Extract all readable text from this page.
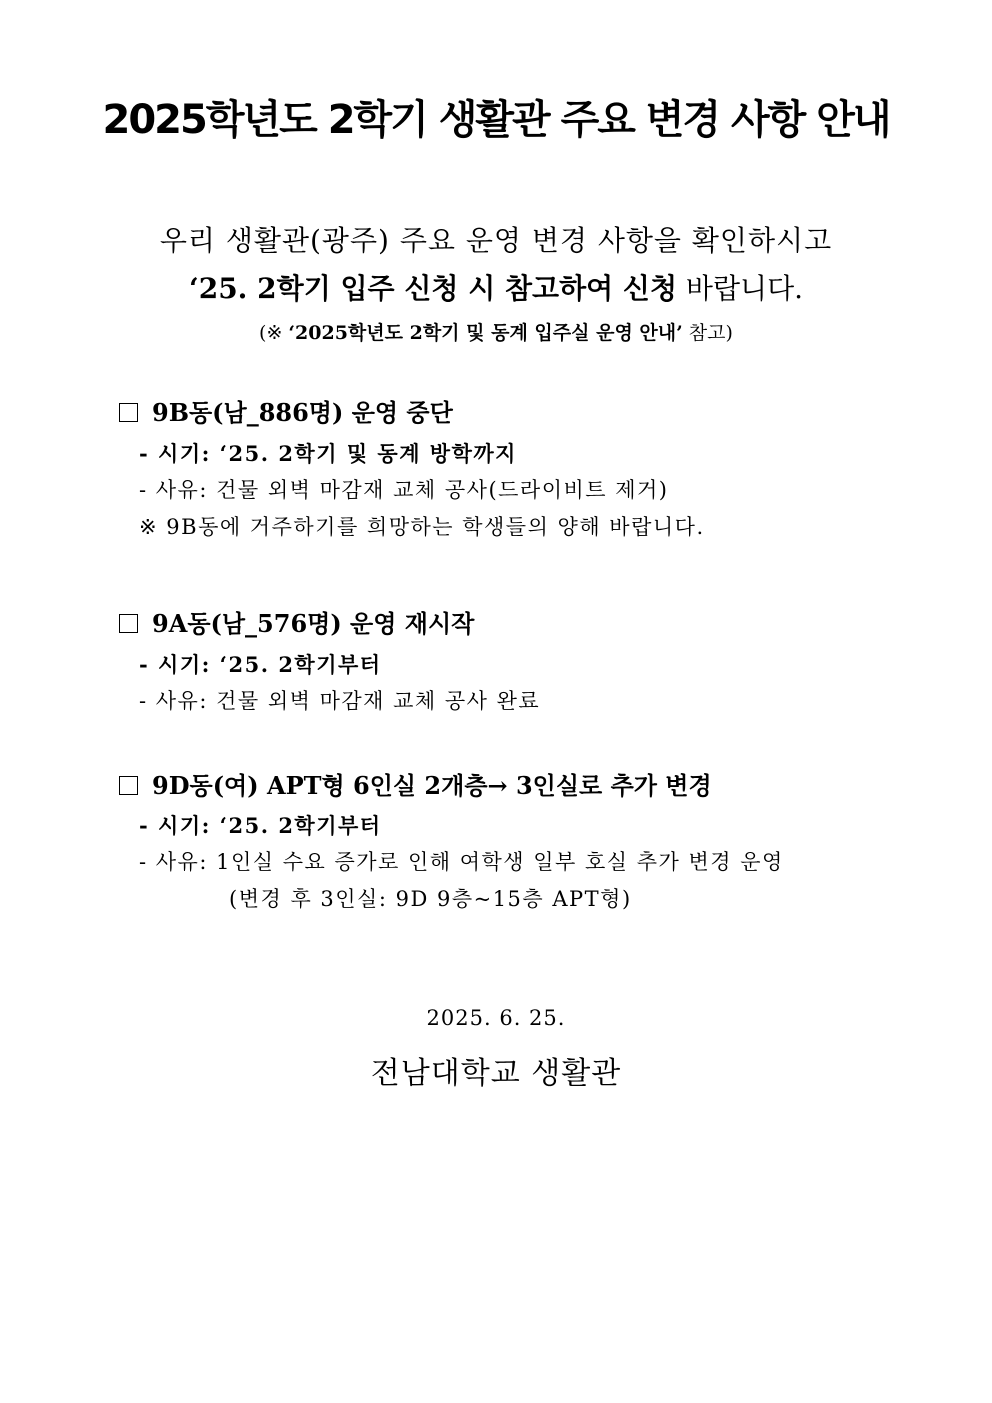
2025학년도 2학기 생활관 주요 변경 사항 안내
우리 생활관(광주) 주요 운영 변경 사항을 확인하시고
‘25. 2학기 입주 신청 시 참고하여 신청 바랍니다.
(※ ‘2025학년도 2학기 및 동계 입주실 운영 안내’ 참고)
9B동(남_886명) 운영 중단
- 시기: ‘25. 2학기 및 동계 방학까지
- 사유: 건물 외벽 마감재 교체 공사(드라이비트 제거)
※ 9B동에 거주하기를 희망하는 학생들의 양해 바랍니다.
9A동(남_576명) 운영 재시작
- 시기: ‘25. 2학기부터
- 사유: 건물 외벽 마감재 교체 공사 완료
9D동(여) APT형 6인실 2개층→ 3인실로 추가 변경
- 시기: ‘25. 2학기부터
- 사유: 1인실 수요 증가로 인해 여학생 일부 호실 추가 변경 운영
(변경 후 3인실: 9D 9층~15층 APT형)
2025. 6. 25.
전남대학교 생활관
